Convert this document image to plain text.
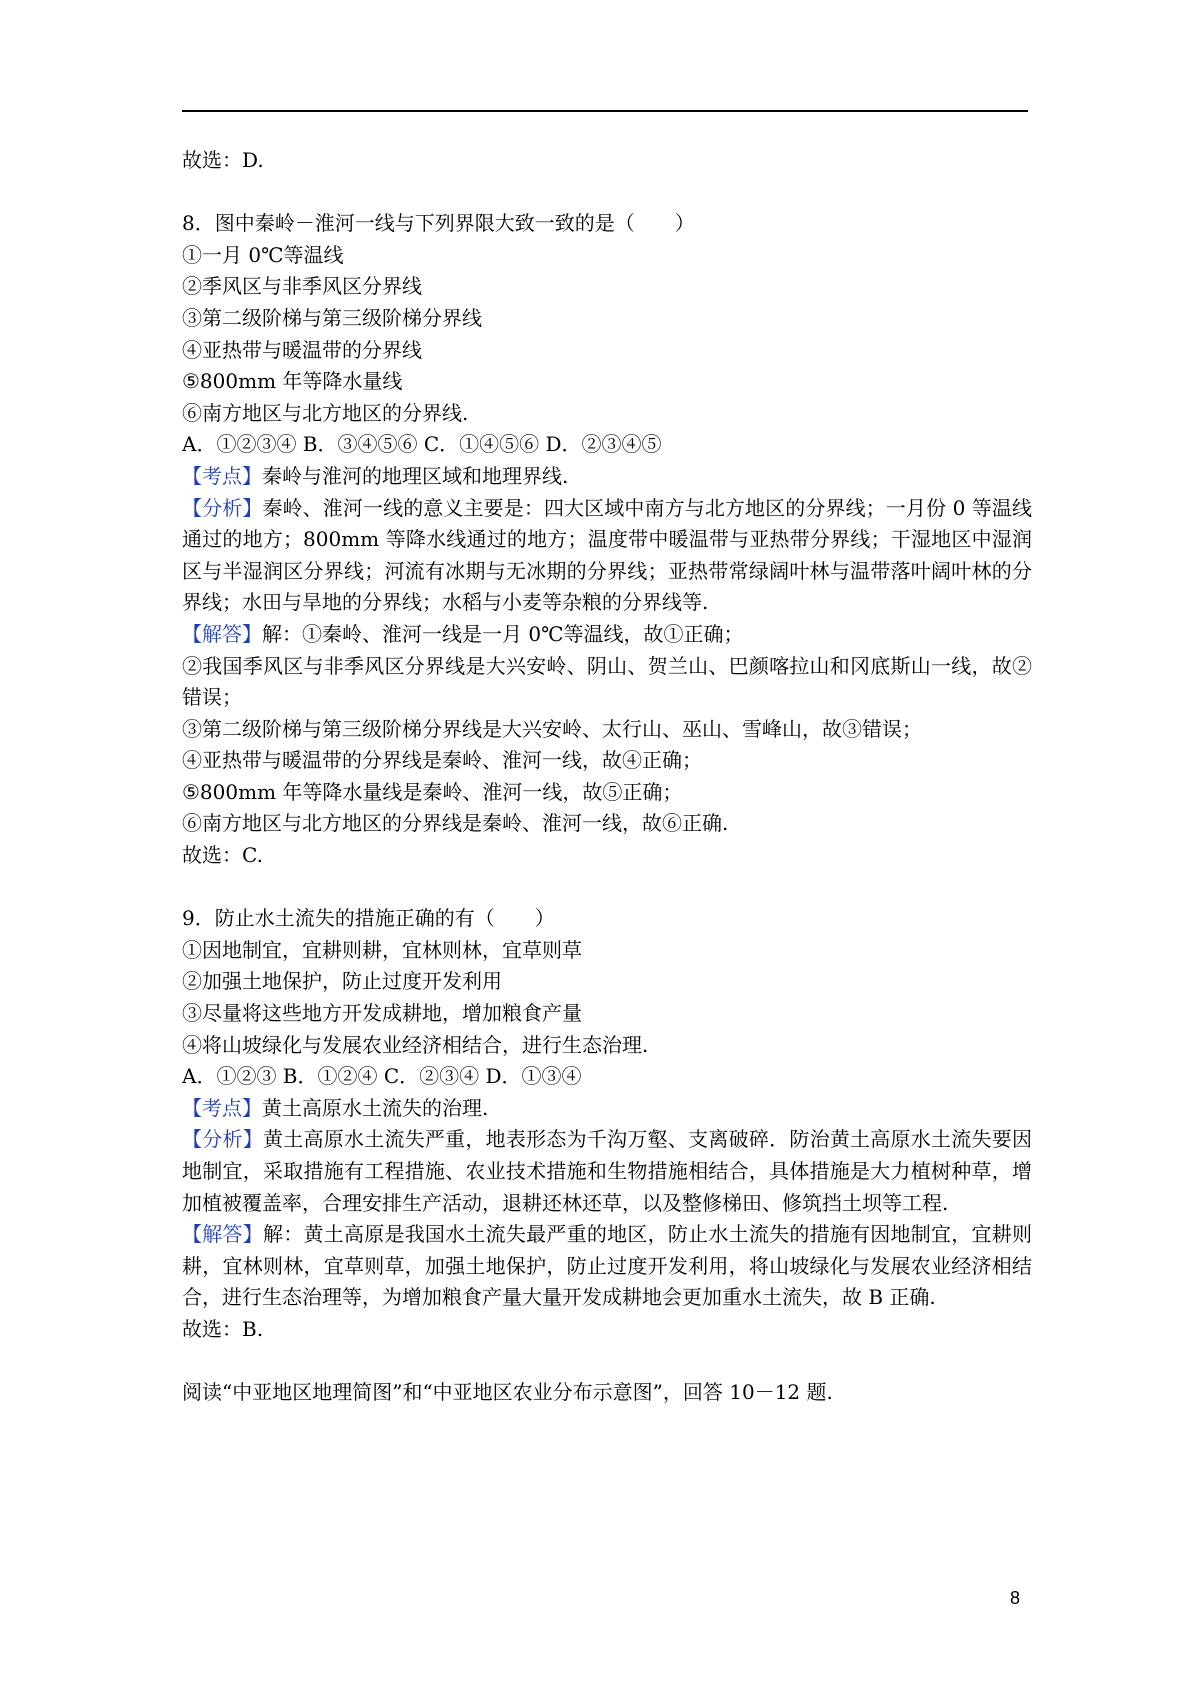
故选：D.
8．图中秦岭－淮河一线与下列界限大致一致的是（　　）
①一月 0℃等温线
②季风区与非季风区分界线
③第二级阶梯与第三级阶梯分界线
④亚热带与暖温带的分界线
⑤800mm 年等降水量线
⑥南方地区与北方地区的分界线.
A．①②③④ B．③④⑤⑥ C．①④⑤⑥ D．②③④⑤
【考点】秦岭与淮河的地理区域和地理界线.
【分析】秦岭、淮河一线的意义主要是：四大区域中南方与北方地区的分界线；一月份 0 等温线通过的地方；800mm 等降水线通过的地方；温度带中暖温带与亚热带分界线；干湿地区中湿润区与半湿润区分界线；河流有冰期与无冰期的分界线；亚热带常绿阔叶林与温带落叶阔叶林的分界线；水田与旱地的分界线；水稻与小麦等杂粮的分界线等.
【解答】解：①秦岭、淮河一线是一月 0℃等温线，故①正确；
②我国季风区与非季风区分界线是大兴安岭、阴山、贺兰山、巴颜喀拉山和冈底斯山一线，故②错误；
③第二级阶梯与第三级阶梯分界线是大兴安岭、太行山、巫山、雪峰山，故③错误；
④亚热带与暖温带的分界线是秦岭、淮河一线，故④正确；
⑤800mm 年等降水量线是秦岭、淮河一线，故⑤正确；
⑥南方地区与北方地区的分界线是秦岭、淮河一线，故⑥正确.
故选：C.
9．防止水土流失的措施正确的有（　　）
①因地制宜，宜耕则耕，宜林则林，宜草则草
②加强土地保护，防止过度开发利用
③尽量将这些地方开发成耕地，增加粮食产量
④将山坡绿化与发展农业经济相结合，进行生态治理.
A．①②③ B．①②④ C．②③④ D．①③④
【考点】黄土高原水土流失的治理.
【分析】黄土高原水土流失严重，地表形态为千沟万壑、支离破碎．防治黄土高原水土流失要因地制宜，采取措施有工程措施、农业技术措施和生物措施相结合，具体措施是大力植树种草，增加植被覆盖率，合理安排生产活动，退耕还林还草，以及整修梯田、修筑挡土坝等工程.
【解答】解：黄土高原是我国水土流失最严重的地区，防止水土流失的措施有因地制宜，宜耕则耕，宜林则林，宜草则草，加强土地保护，防止过度开发利用，将山坡绿化与发展农业经济相结合，进行生态治理等，为增加粮食产量大量开发成耕地会更加重水土流失，故 B 正确.
故选：B.
阅读“中亚地区地理简图”和“中亚地区农业分布示意图”，回答 10－12 题.
8
